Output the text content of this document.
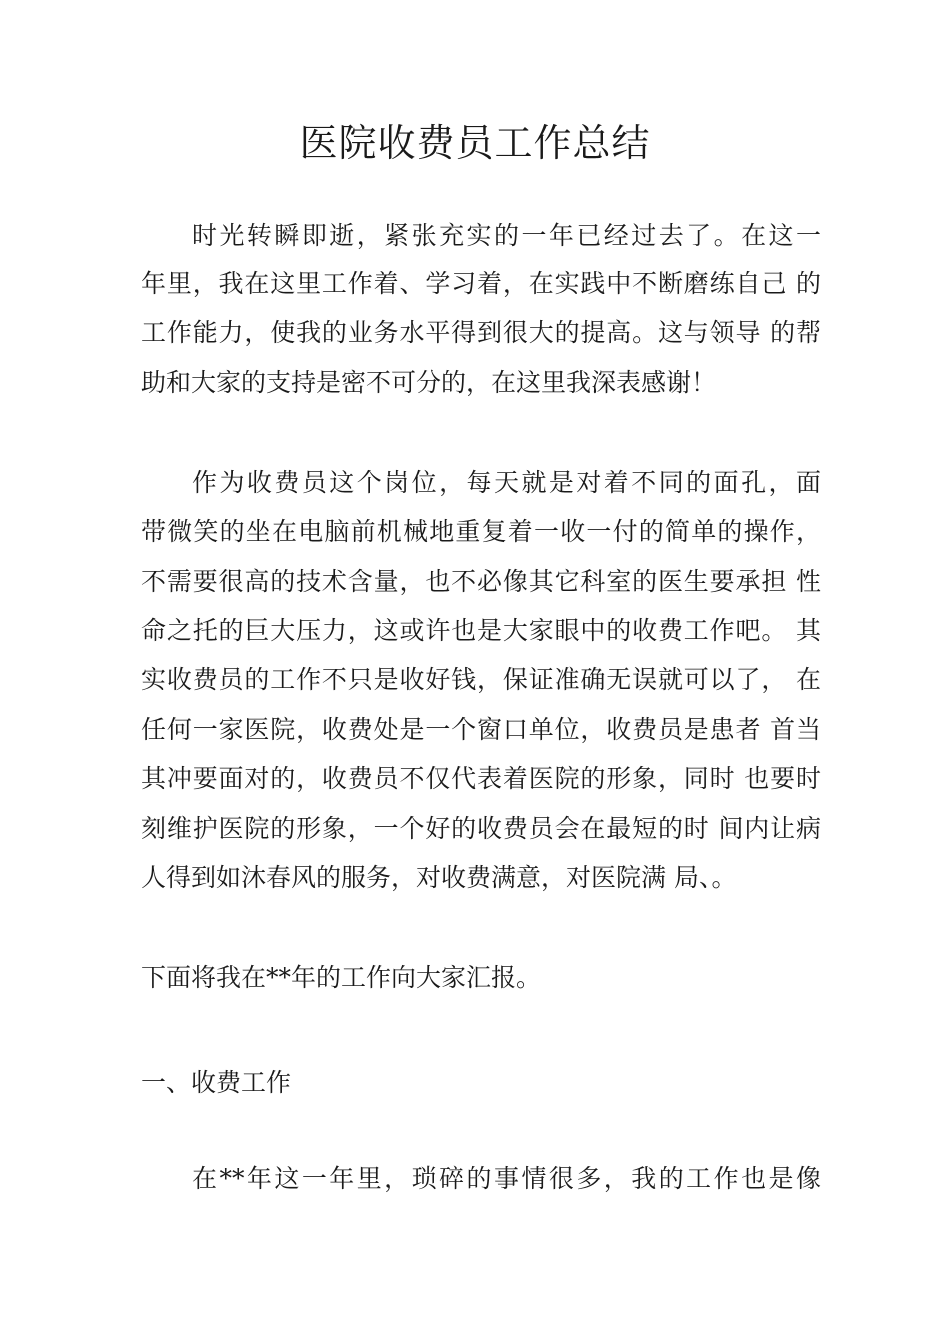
医院收费员工作总结

时光转瞬即逝，紧张充实的一年已经过去了。在这一

年里，我在这里工作着、学习着，在实践中不断磨练自己 的

工作能力，使我的业务水平得到很大的提高。这与领导 的帮

助和大家的支持是密不可分的，在这里我深表感谢！

作为收费员这个岗位，每天就是对着不同的面孔，面

带微笑的坐在电脑前机械地重复着一收一付的简单的操作，

不需要很高的技术含量，也不必像其它科室的医生要承担 性

命之托的巨大压力，这或许也是大家眼中的收费工作吧。 其

实收费员的工作不只是收好钱，保证准确无误就可以了， 在

任何一家医院，收费处是一个窗口单位，收费员是患者 首当

其冲要面对的，收费员不仅代表着医院的形象，同时 也要时

刻维护医院的形象，一个好的收费员会在最短的时 间内让病

人得到如沐春风的服务，对收费满意，对医院满 局、。

下面将我在**年的工作向大家汇报。

一、收费工作

在**年这一年里，琐碎的事情很多，我的工作也是像
